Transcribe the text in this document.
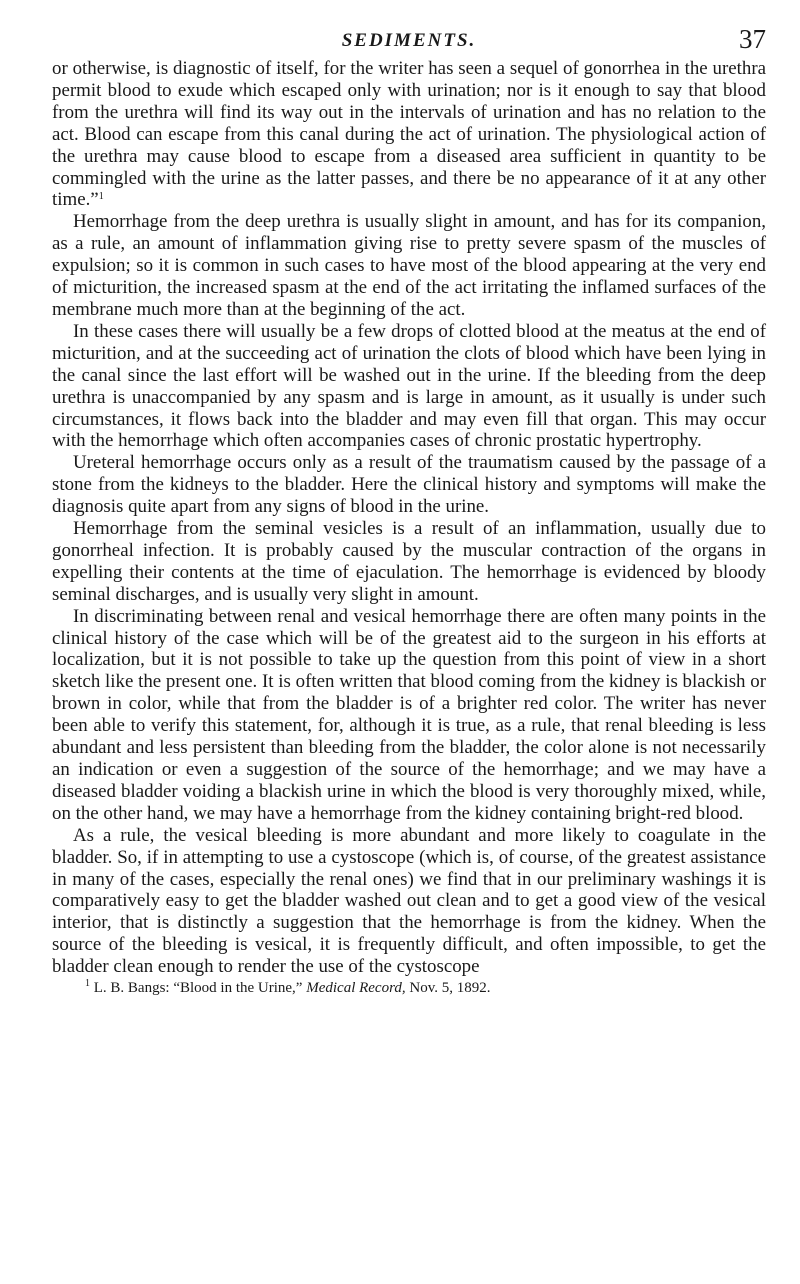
SEDIMENTS.	37

or otherwise, is diagnostic of itself, for the writer has seen a sequel of gonorrhea in the urethra permit blood to exude which escaped only with urination; nor is it enough to say that blood from the urethra will find its way out in the intervals of urination and has no relation to the act. Blood can escape from this canal during the act of urination. The physiological action of the urethra may cause blood to escape from a diseased area sufficient in quantity to be commingled with the urine as the latter passes, and there be no appearance of it at any other time.”$^1$

Hemorrhage from the deep urethra is usually slight in amount, and has for its companion, as a rule, an amount of inflammation giving rise to pretty severe spasm of the muscles of expulsion; so it is common in such cases to have most of the blood appearing at the very end of micturition, the increased spasm at the end of the act irritating the inflamed surfaces of the membrane much more than at the beginning of the act.

In these cases there will usually be a few drops of clotted blood at the meatus at the end of micturition, and at the succeeding act of urination the clots of blood which have been lying in the canal since the last effort will be washed out in the urine. If the bleeding from the deep urethra is unaccompanied by any spasm and is large in amount, as it usually is under such circumstances, it flows back into the bladder and may even fill that organ. This may occur with the hemorrhage which often accompanies cases of chronic prostatic hypertrophy.

Ureteral hemorrhage occurs only as a result of the traumatism caused by the passage of a stone from the kidneys to the bladder. Here the clinical history and symptoms will make the diagnosis quite apart from any signs of blood in the urine.

Hemorrhage from the seminal vesicles is a result of an inflammation, usually due to gonorrheal infection. It is probably caused by the muscular contraction of the organs in expelling their contents at the time of ejaculation. The hemorrhage is evidenced by bloody seminal discharges, and is usually very slight in amount.

In discriminating between renal and vesical hemorrhage there are often many points in the clinical history of the case which will be of the greatest aid to the surgeon in his efforts at localization, but it is not possible to take up the question from this point of view in a short sketch like the present one. It is often written that blood coming from the kidney is blackish or brown in color, while that from the bladder is of a brighter red color. The writer has never been able to verify this statement, for, although it is true, as a rule, that renal bleeding is less abundant and less persistent than bleeding from the bladder, the color alone is not necessarily an indication or even a suggestion of the source of the hemorrhage; and we may have a diseased bladder voiding a blackish urine in which the blood is very thoroughly mixed, while, on the other hand, we may have a hemorrhage from the kidney containing bright-red blood.

As a rule, the vesical bleeding is more abundant and more likely to coagulate in the bladder. So, if in attempting to use a cystoscope (which is, of course, of the greatest assistance in many of the cases, especially the renal ones) we find that in our preliminary washings it is comparatively easy to get the bladder washed out clean and to get a good view of the vesical interior, that is distinctly a suggestion that the hemorrhage is from the kidney. When the source of the bleeding is vesical, it is frequently difficult, and often impossible, to get the bladder clean enough to render the use of the cystoscope

$^1$ L. B. Bangs: “Blood in the Urine,” Medical Record, Nov. 5, 1892.
